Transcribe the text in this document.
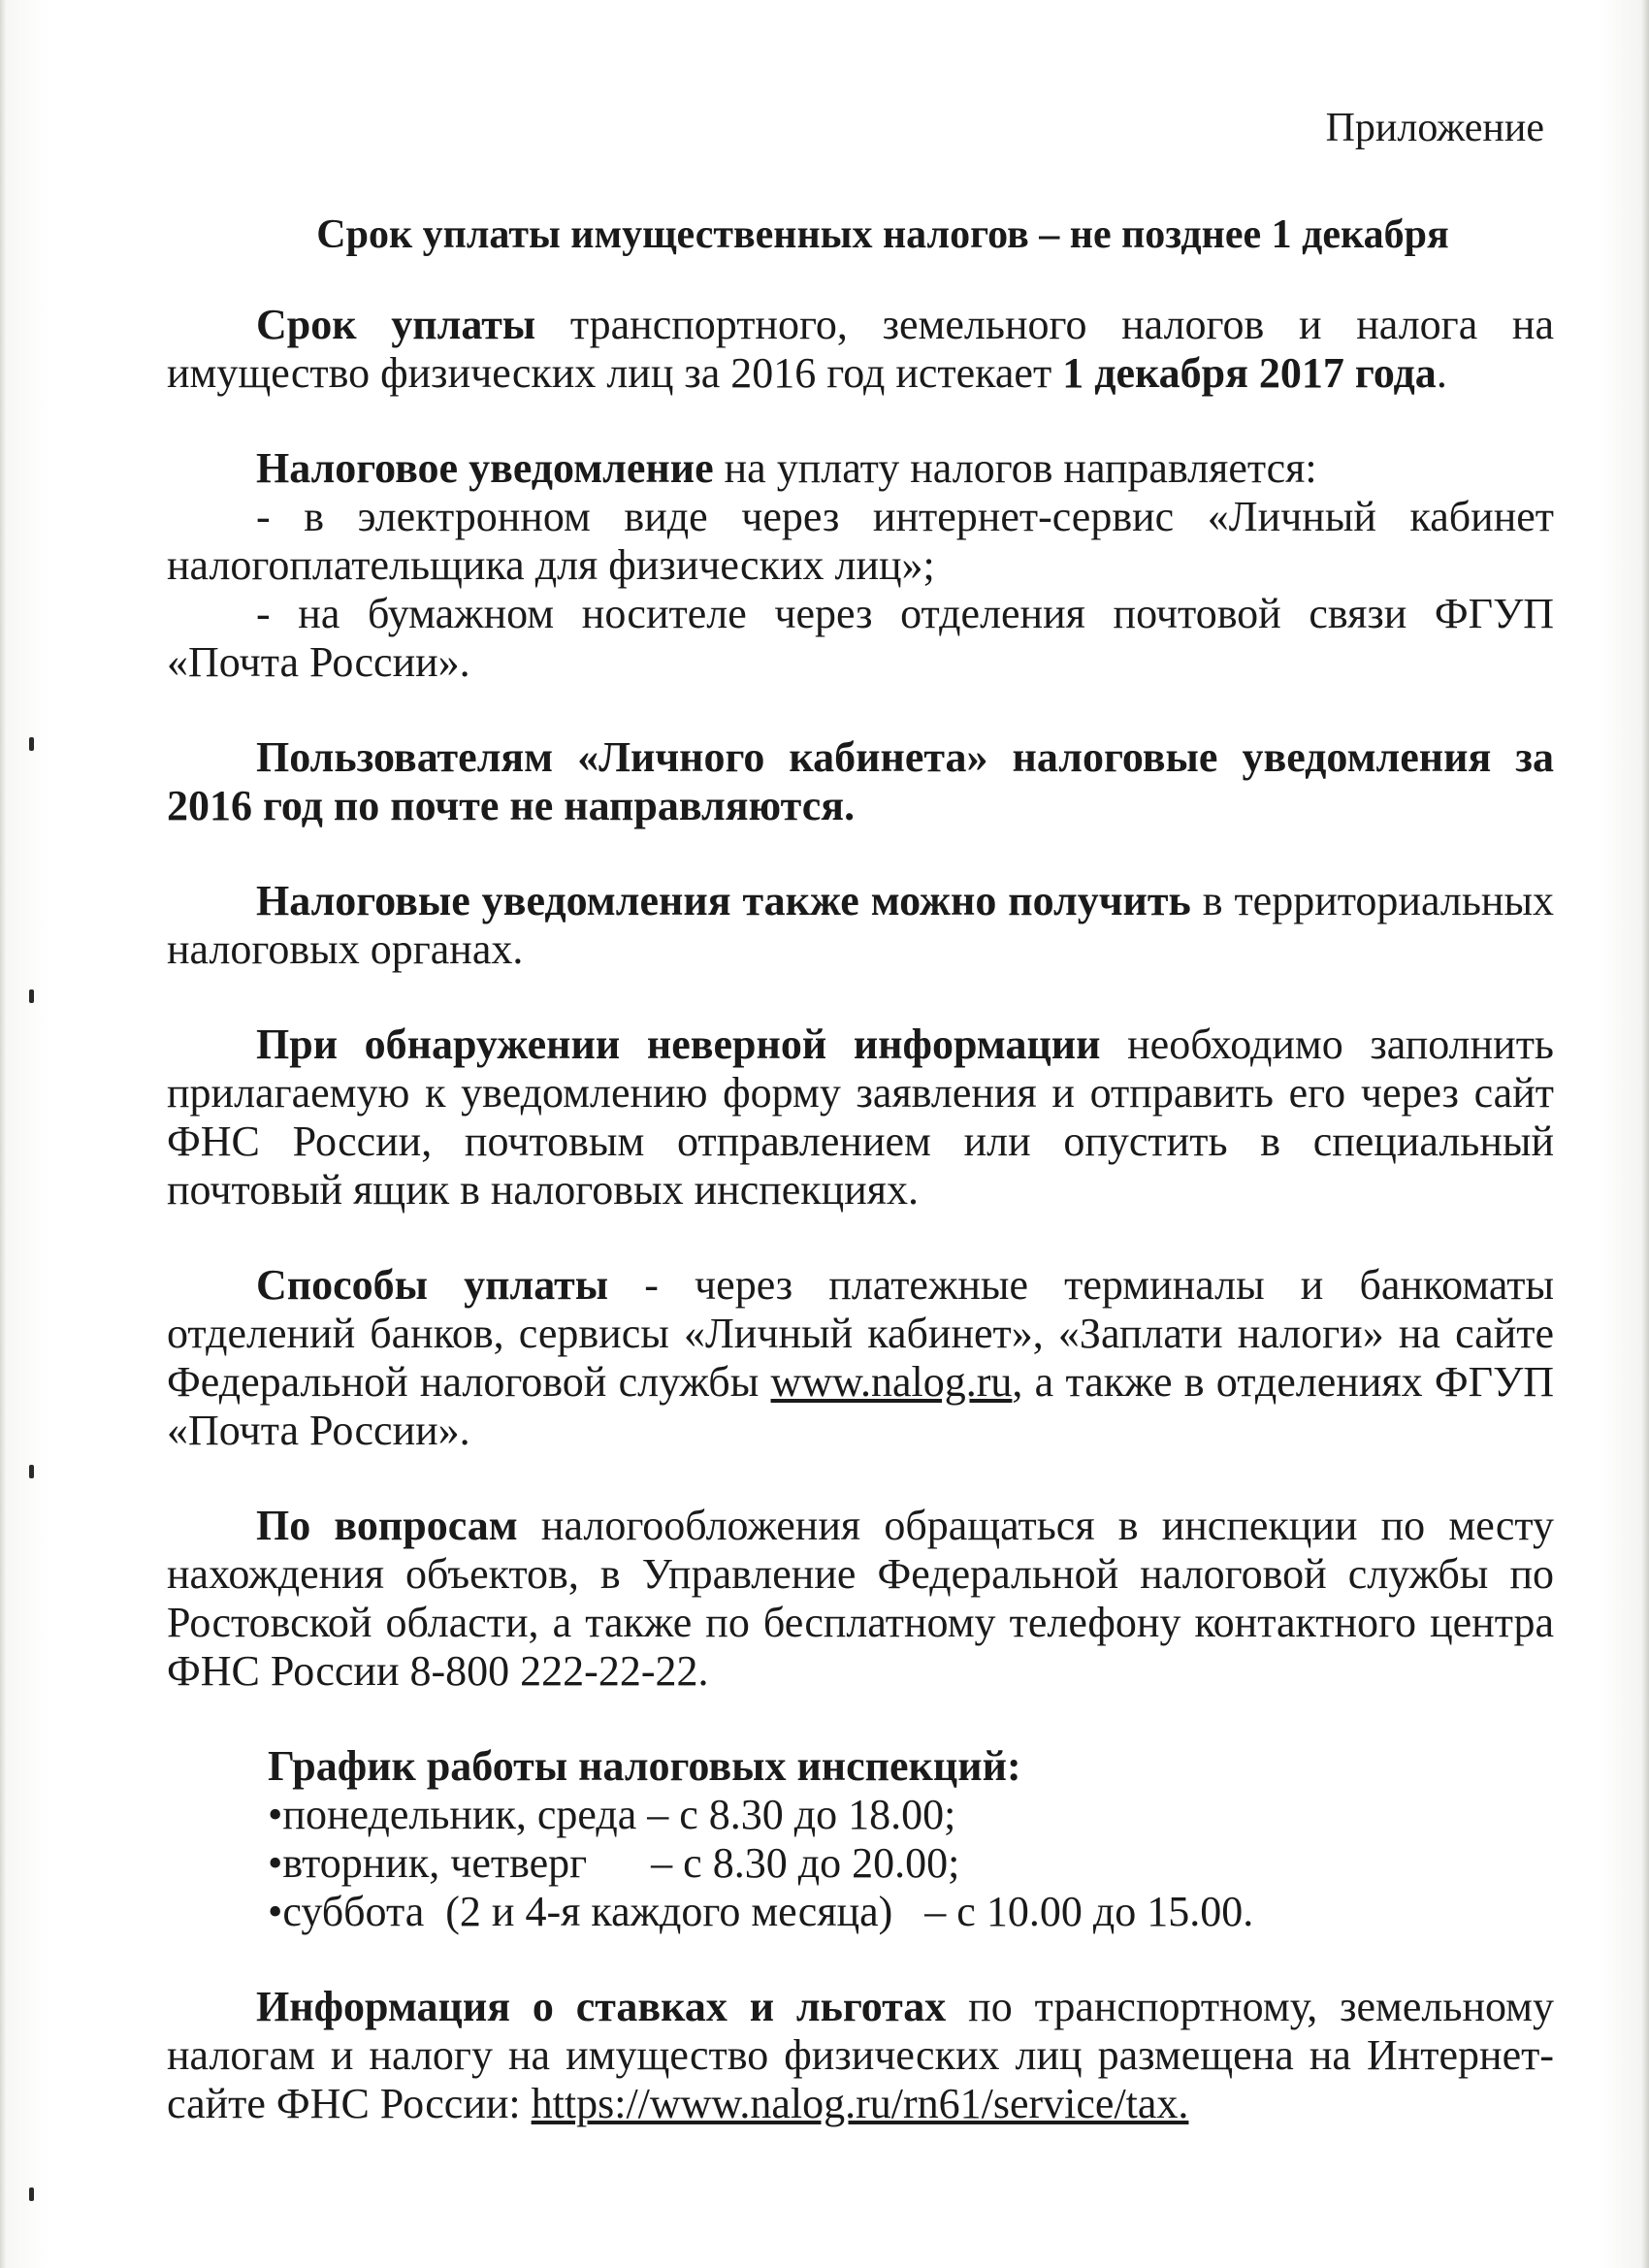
Приложение
Срок уплаты имущественных налогов – не позднее 1 декабря

Срок уплаты транспортного, земельного налогов и налога на имущество физических лиц за 2016 год истекает 1 декабря 2017 года.

Налоговое уведомление на уплату налогов направляется:

- в электронном виде через интернет-сервис «Личный кабинет налогоплательщика для физических лиц»;

- на бумажном носителе через отделения почтовой связи ФГУП «Почта России».

Пользователям «Личного кабинета» налоговые уведомления за 2016 год по почте не направляются.

Налоговые уведомления также можно получить в территориальных налоговых органах.

При обнаружении неверной информации необходимо заполнить прилагаемую к уведомлению форму заявления и отправить его через сайт ФНС России, почтовым отправлением или опустить в специальный почтовый ящик в налоговых инспекциях.

Способы уплаты - через платежные терминалы и банкоматы отделений банков, сервисы «Личный кабинет», «Заплати налоги» на сайте Федеральной налоговой службы www.nalog.ru, а также в отделениях ФГУП «Почта России».

По вопросам налогообложения обращаться в инспекции по месту нахождения объектов, в Управление Федеральной налоговой службы по Ростовской области, а также по бесплатному телефону контактного центра ФНС России 8-800 222-22-22.

График работы налоговых инспекций:

•понедельник, среда – с 8.30 до 18.00;

•вторник, четверг      – с 8.30 до 20.00;

•суббота  (2 и 4-я каждого месяца)   – с 10.00 до 15.00.

Информация о ставках и льготах по транспортному, земельному налогам и налогу на имущество физических лиц размещена на Интернет-сайте ФНС России: https://www.nalog.ru/rn61/service/tax.
